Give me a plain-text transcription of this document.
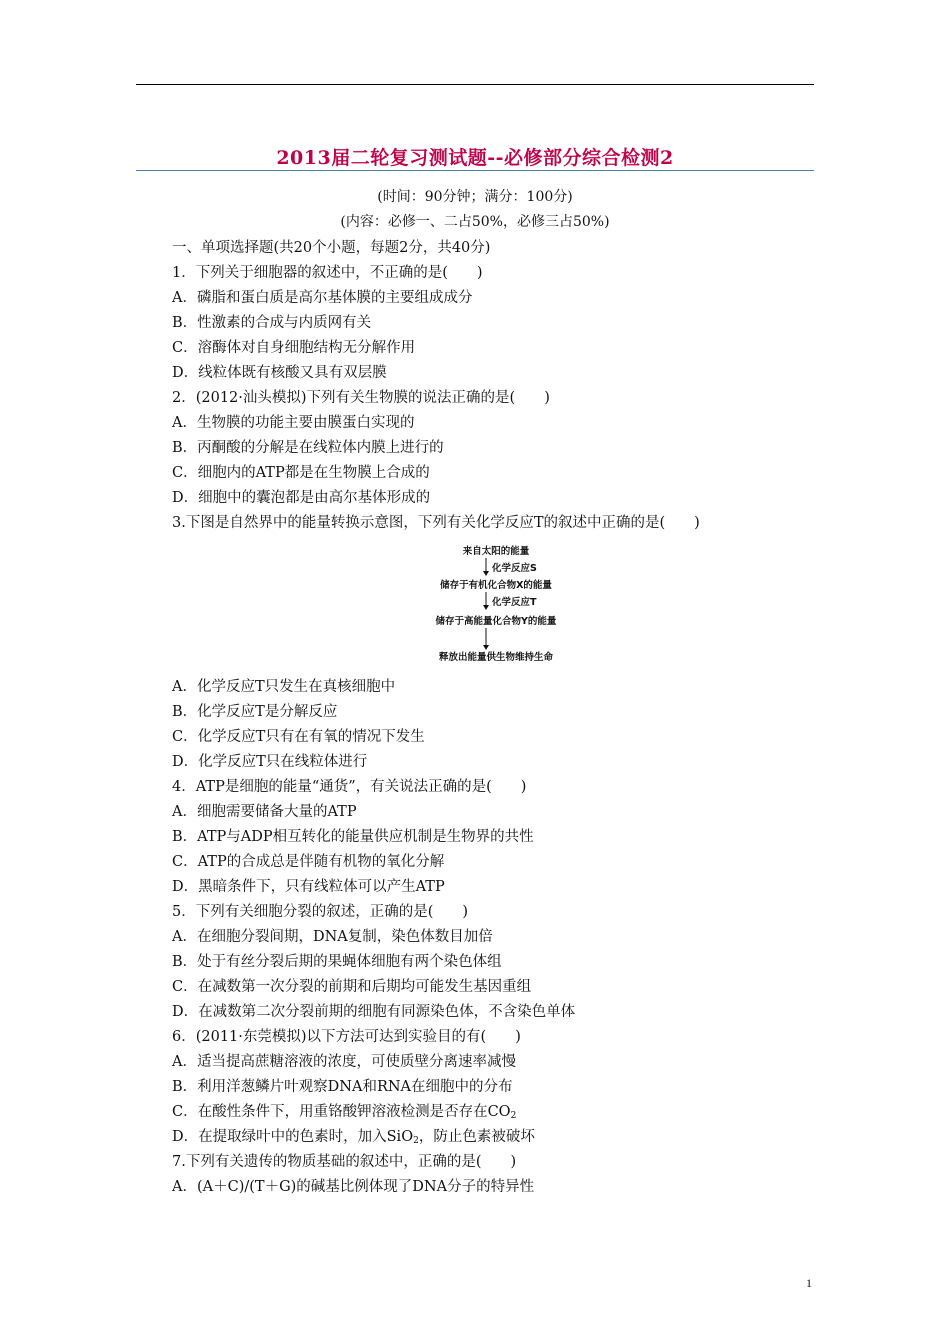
2013届二轮复习测试题--必修部分综合检测2
(时间：90分钟；满分：100分)
(内容：必修一、二占50%，必修三占50%)
一、单项选择题(共20个小题，每题2分，共40分)
1．下列关于细胞器的叙述中，不正确的是(　　)
A．磷脂和蛋白质是高尔基体膜的主要组成成分
B．性激素的合成与内质网有关
C．溶酶体对自身细胞结构无分解作用
D．线粒体既有核酸又具有双层膜
2．(2012·汕头模拟)下列有关生物膜的说法正确的是(　　)
A．生物膜的功能主要由膜蛋白实现的
B．丙酮酸的分解是在线粒体内膜上进行的
C．细胞内的ATP都是在生物膜上合成的
D．细胞中的囊泡都是由高尔基体形成的
3.下图是自然界中的能量转换示意图，下列有关化学反应T的叙述中正确的是(　　)
来自太阳的能量
化学反应S
储存于有机化合物X的能量
化学反应T
储存于高能量化合物Y的能量
释放出能量供生物维持生命
A．化学反应T只发生在真核细胞中
B．化学反应T是分解反应
C．化学反应T只有在有氧的情况下发生
D．化学反应T只在线粒体进行
4．ATP是细胞的能量“通货”，有关说法正确的是(　　)
A．细胞需要储备大量的ATP
B．ATP与ADP相互转化的能量供应机制是生物界的共性
C．ATP的合成总是伴随有机物的氧化分解
D．黑暗条件下，只有线粒体可以产生ATP
5．下列有关细胞分裂的叙述，正确的是(　　)
A．在细胞分裂间期，DNA复制，染色体数目加倍
B．处于有丝分裂后期的果蝇体细胞有两个染色体组
C．在减数第一次分裂的前期和后期均可能发生基因重组
D．在减数第二次分裂前期的细胞有同源染色体，不含染色单体
6．(2011·东莞模拟)以下方法可达到实验目的有(　　)
A．适当提高蔗糖溶液的浓度，可使质壁分离速率减慢
B．利用洋葱鳞片叶观察DNA和RNA在细胞中的分布
C．在酸性条件下，用重铬酸钾溶液检测是否存在$CO_2$
D．在提取绿叶中的色素时，加入SiO$_2$，防止色素被破坏
7.下列有关遗传的物质基础的叙述中，正确的是(　　)
A．(A＋C)/(T＋G)的碱基比例体现了DNA分子的特异性
1
